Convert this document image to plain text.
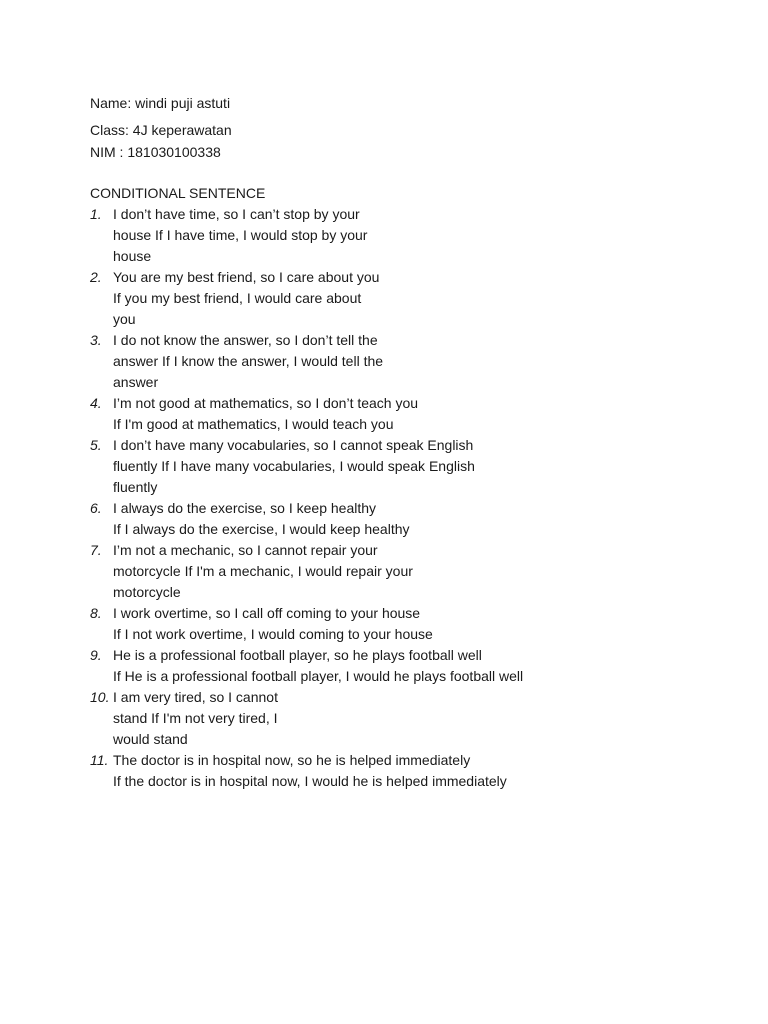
Name: windi puji astuti
Class: 4J keperawatan
NIM : 181030100338
CONDITIONAL SENTENCE
1. I don’t have time, so I can’t stop by your
house If I have time, I would stop by your
house
2. You are my best friend, so I care about you
If you my best friend, I would care about
you
3. I do not know the answer, so I don’t tell the
answer If I know the answer, I would tell the
answer
4. I’m not good at mathematics, so I don’t teach you
If I'm good at mathematics, I would teach you
5. I don’t have many vocabularies, so I cannot speak English
fluently If I have many vocabularies, I would speak English
fluently
6. I always do the exercise, so I keep healthy
If I always do the exercise, I would keep healthy
7. I’m not a mechanic, so I cannot repair your
motorcycle If I'm a mechanic, I would repair your
motorcycle
8. I work overtime, so I call off coming to your house
If I not work overtime, I would coming to your house
9. He is a professional football player, so he plays football well
If He is a professional football player, I would he plays football well
10. I am very tired, so I cannot
stand If I'm not very tired, I
would stand
11. The doctor is in hospital now, so he is helped immediately
If the doctor is in hospital now, I would he is helped immediately
